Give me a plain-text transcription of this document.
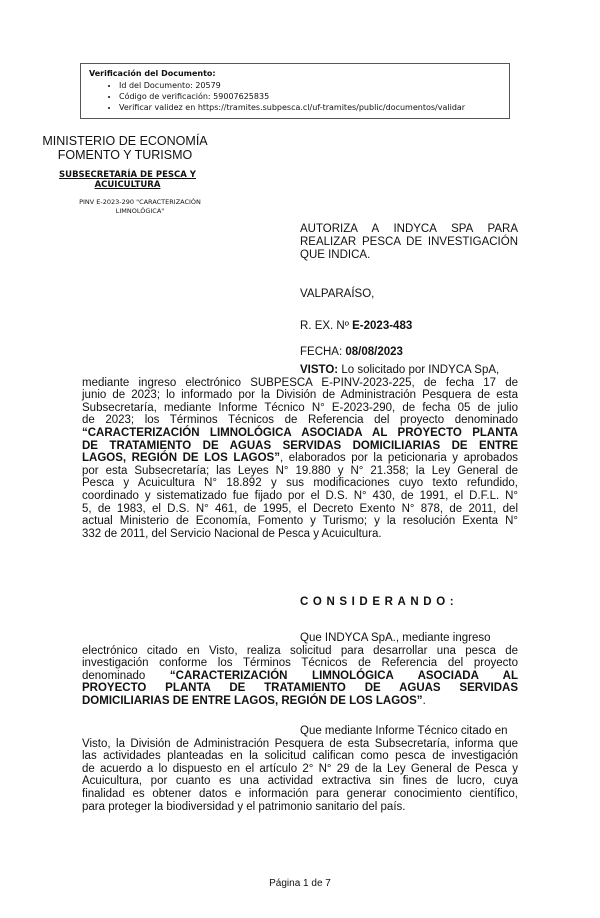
Verificación del Documento:
• Id del Documento: 20579
• Código de verificación: 59007625835
• Verificar validez en https://tramites.subpesca.cl/uf-tramites/public/documentos/validar
MINISTERIO DE ECONOMÍA
FOMENTO Y TURISMO
SUBSECRETARÍA DE PESCA Y
ACUICULTURA
PINV E-2023-290 "CARACTERIZACIÓN
LIMNOLÓGICA"
AUTORIZA A INDYCA SPA PARA
REALIZAR PESCA DE INVESTIGACIÓN
QUE INDICA.
VALPARAÍSO,
R. EX. Nº E-2023-483
FECHA: 08/08/2023

VISTO: Lo solicitado por INDYCA SpA,

mediante ingreso electrónico SUBPESCA E-PINV-2023-225, de fecha 17 de

junio de 2023; lo informado por la División de Administración Pesquera de esta

Subsecretaría, mediante Informe Técnico N° E-2023-290, de fecha 05 de julio

de 2023; los Términos Técnicos de Referencia del proyecto denominado

“CARACTERIZACIÓN LIMNOLÓGICA ASOCIADA AL PROYECTO PLANTA

DE TRATAMIENTO DE AGUAS SERVIDAS DOMICILIARIAS DE ENTRE

LAGOS, REGIÓN DE LOS LAGOS”, elaborados por la peticionaria y aprobados

por esta Subsecretaría; las Leyes N° 19.880 y N° 21.358; la Ley General de

Pesca y Acuicultura N° 18.892 y sus modificaciones cuyo texto refundido,

coordinado y sistematizado fue fijado por el D.S. N° 430, de 1991, el D.F.L. N°

5, de 1983, el D.S. N° 461, de 1995, el Decreto Exento N° 878, de 2011, del

actual Ministerio de Economía, Fomento y Turismo; y la resolución Exenta N°

332 de 2011, del Servicio Nacional de Pesca y Acuicultura.

CONSIDERANDO:

Que INDYCA SpA., mediante ingreso

electrónico citado en Visto, realiza solicitud para desarrollar una pesca de

investigación conforme los Términos Técnicos de Referencia del proyecto

denominado “CARACTERIZACIÓN LIMNOLÓGICA ASOCIADA AL

PROYECTO PLANTA DE TRATAMIENTO DE AGUAS SERVIDAS

DOMICILIARIAS DE ENTRE LAGOS, REGIÓN DE LOS LAGOS”.

Que mediante Informe Técnico citado en

Visto, la División de Administración Pesquera de esta Subsecretaría, informa que

las actividades planteadas en la solicitud califican como pesca de investigación

de acuerdo a lo dispuesto en el artículo 2° N° 29 de la Ley General de Pesca y

Acuicultura, por cuanto es una actividad extractiva sin fines de lucro, cuya

finalidad es obtener datos e información para generar conocimiento científico,

para proteger la biodiversidad y el patrimonio sanitario del país.

Página 1 de 7
